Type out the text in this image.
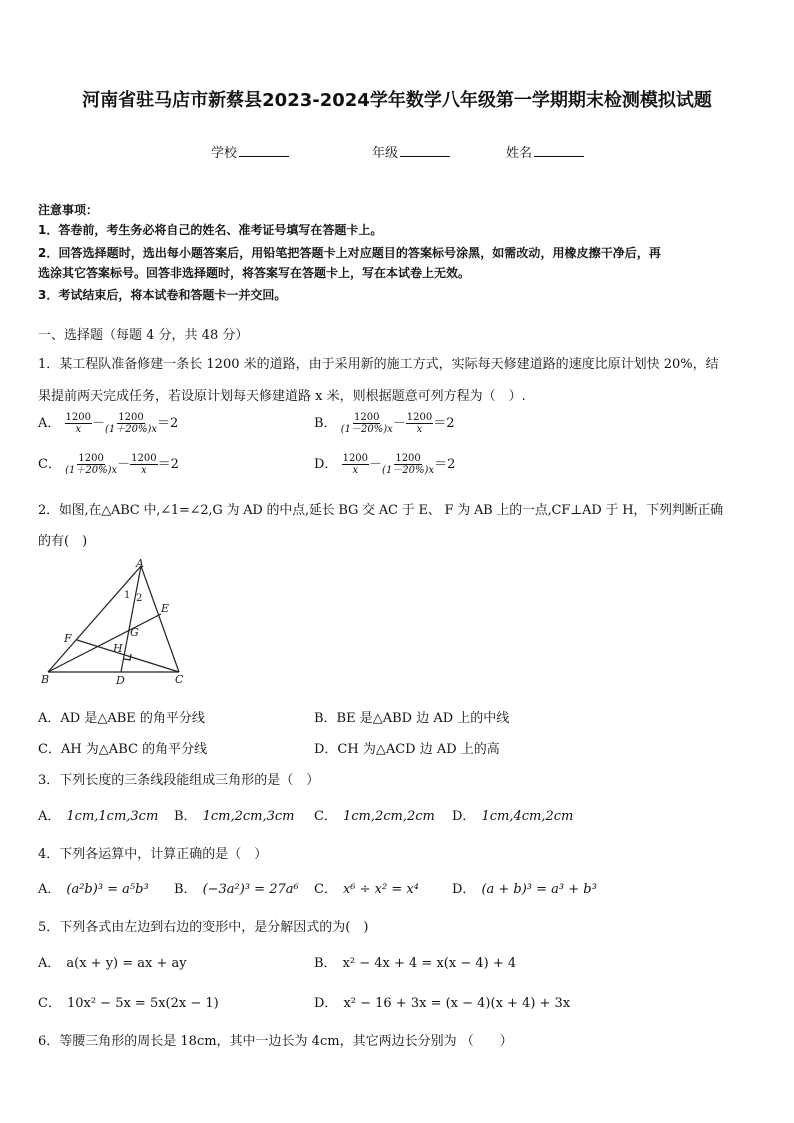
河南省驻马店市新蔡县2023-2024学年数学八年级第一学期期末检测模拟试题
学校	年级	姓名
注意事项：
1．答卷前，考生务必将自己的姓名、准考证号填写在答题卡上。
2．回答选择题时，选出每小题答案后，用铅笔把答题卡上对应题目的答案标号涂黑，如需改动，用橡皮擦干净后，再
选涂其它答案标号。回答非选择题时，将答案写在答题卡上，写在本试卷上无效。
3．考试结束后，将本试卷和答题卡一并交回。
一、选择题（每题 4 分，共 48 分）
1．某工程队准备修建一条长 1200 米的道路，由于采用新的施工方式，实际每天修建道路的速度比原计划快 20%，结
果提前两天完成任务，若设原计划每天修建道路 x 米，则根据题意可列方程为（　）.
A． $\frac{1200}{x} - \frac{1200}{(1+20\%)x} =2$	B． $\frac{1200}{(1-20\%)x} - \frac{1200}{x} =2$
C． $\frac{1200}{(1+20\%)x} - \frac{1200}{x} =2$	D． $\frac{1200}{x} - \frac{1200}{(1-20\%)x} =2$
2．如图,在△ABC 中,∠1=∠2,G 为 AD 的中点,延长 BG 交 AC 于 E、 F 为 AB 上的一点,CF⊥AD 于 H，下列判断正确
的有(　)
A
B	C
D
E
F	G
H
1 2
A．AD 是△ABE 的角平分线	B．BE 是△ABD 边 AD 上的中线
C．AH 为△ABC 的角平分线	D．CH 为△ACD 边 AD 上的高
3．下列长度的三条线段能组成三角形的是（　）
A． 1cm,1cm,3cm B． 1cm,2cm,3cm C． 1cm,2cm,2cm D． 1cm,4cm,2cm
4．下列各运算中，计算正确的是（　）
A． (a²b)³ = a⁵b³ B． (−3a²)³ = 27a⁶ C． x⁶ ÷ x² = x⁴	D． (a + b)³ = a³ + b³
5．下列各式由左边到右边的变形中，是分解因式的为(　)
A． a(x + y) = ax + ay	B． x² − 4x + 4 = x(x − 4) + 4
C． 10x² − 5x = 5x(2x − 1)	D． x² − 16 + 3x = (x − 4)(x + 4) + 3x
6．等腰三角形的周长是 18cm，其中一边长为 4cm，其它两边长分别为 （　　）
